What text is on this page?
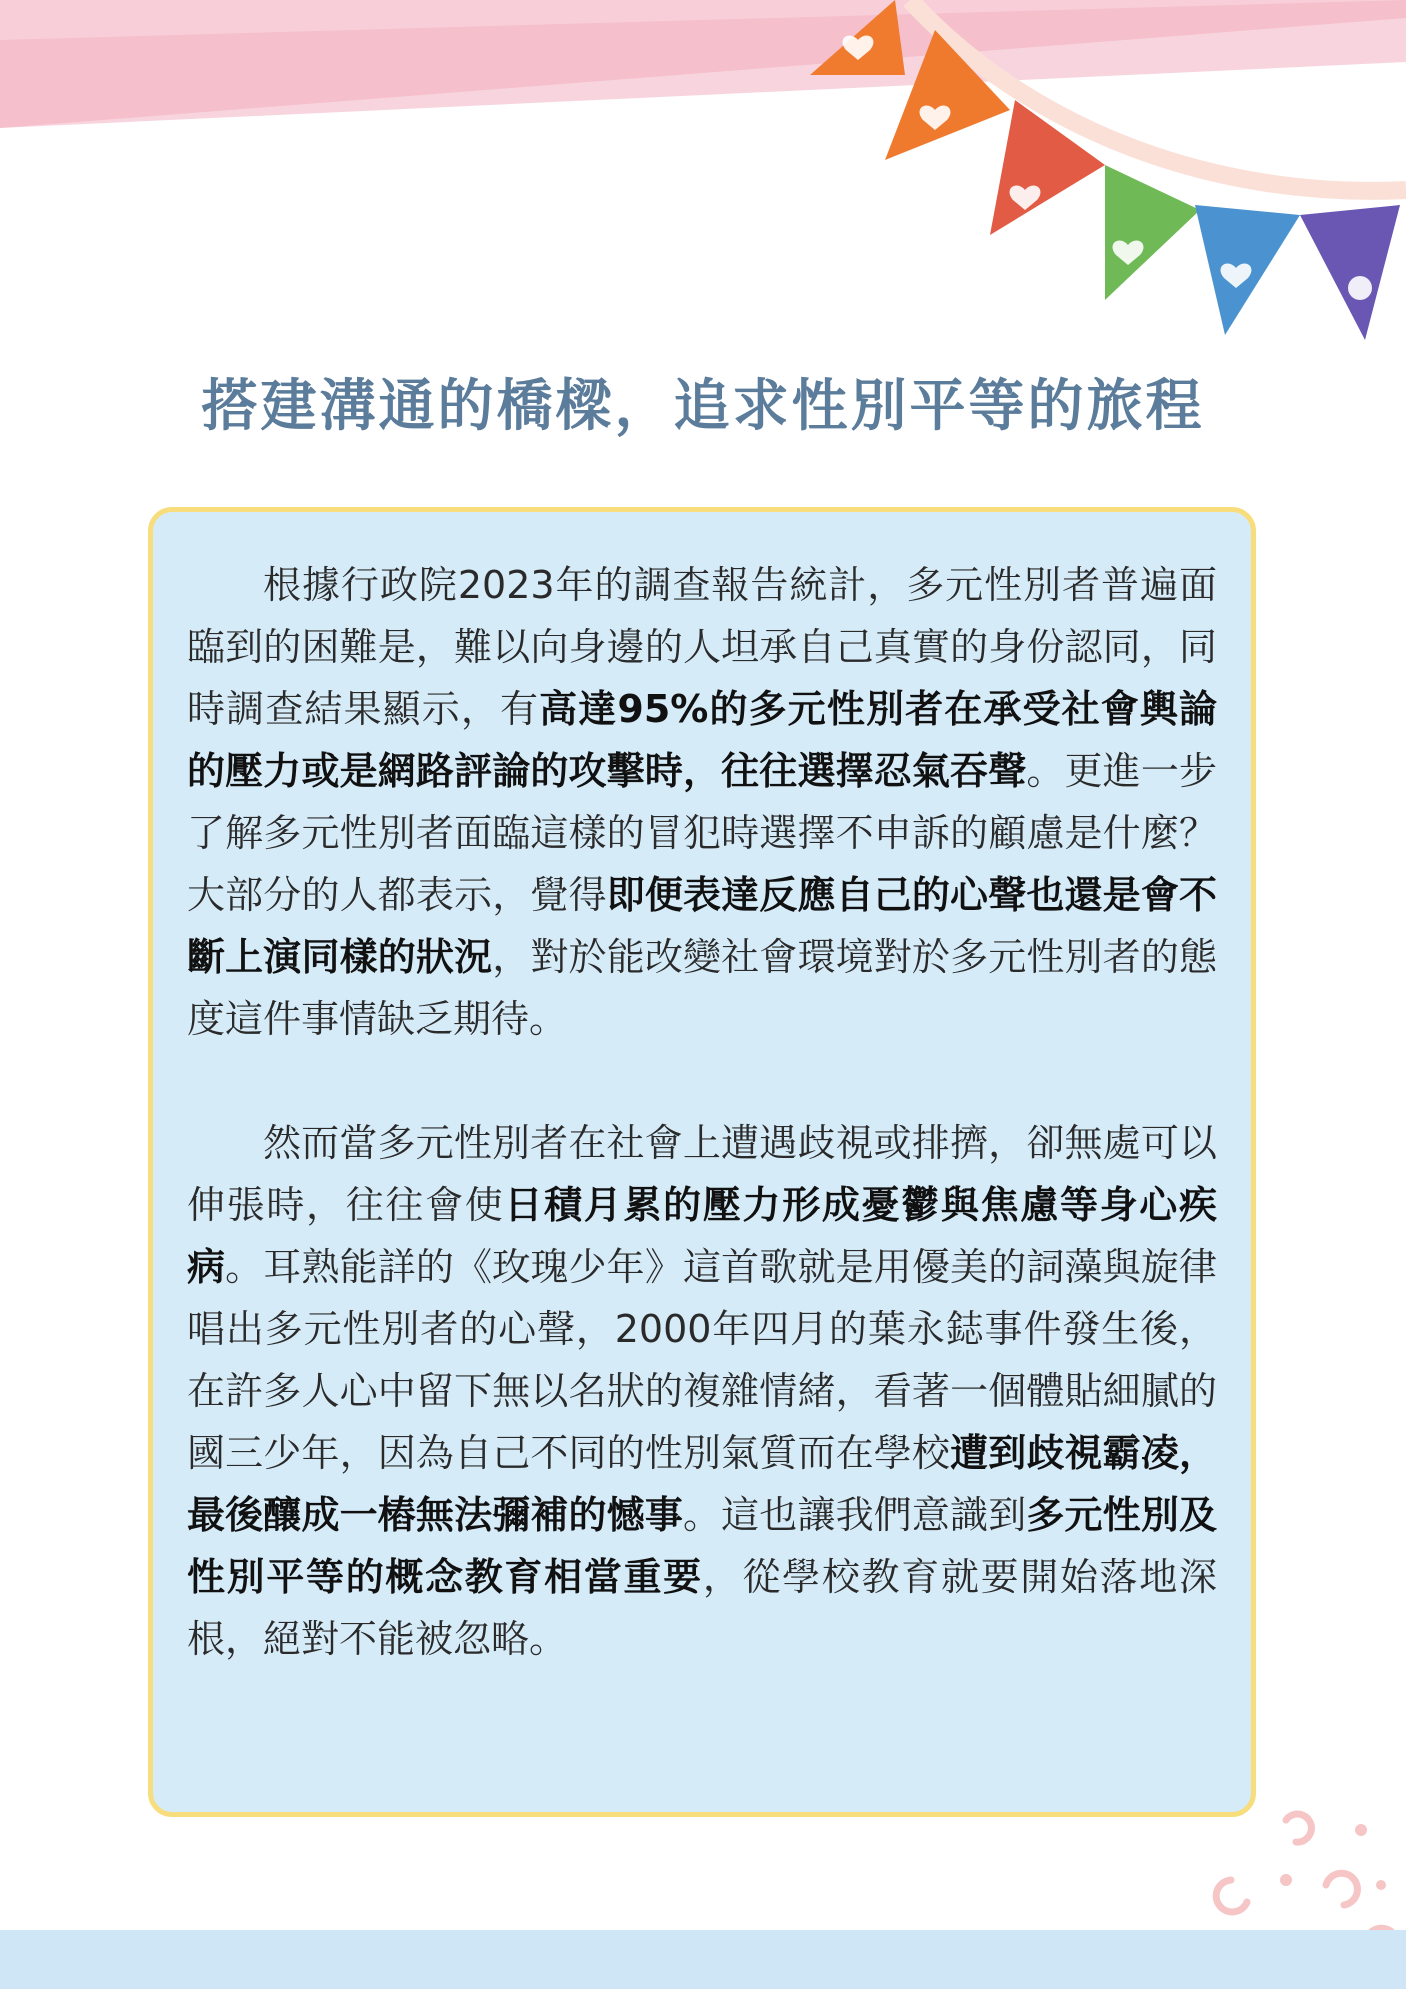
搭建溝通的橋樑，追求性別平等的旅程

根據行政院2023年的調查報告統計，多元性別者普遍面臨到的困難是，難以向身邊的人坦承自己真實的身份認同，同時調查結果顯示，有高達95%的多元性別者在承受社會輿論的壓力或是網路評論的攻擊時，往往選擇忍氣吞聲。更進一步了解多元性別者面臨這樣的冒犯時選擇不申訴的顧慮是什麼？大部分的人都表示，覺得即便表達反應自己的心聲也還是會不斷上演同樣的狀況，對於能改變社會環境對於多元性別者的態度這件事情缺乏期待。

然而當多元性別者在社會上遭遇歧視或排擠，卻無處可以伸張時，往往會使日積月累的壓力形成憂鬱與焦慮等身心疾病。耳熟能詳的《玫瑰少年》這首歌就是用優美的詞藻與旋律唱出多元性別者的心聲，2000年四月的葉永鋕事件發生後，在許多人心中留下無以名狀的複雜情緒，看著一個體貼細膩的國三少年，因為自己不同的性別氣質而在學校遭到歧視霸凌，最後釀成一樁無法彌補的憾事。這也讓我們意識到多元性別及性別平等的概念教育相當重要，從學校教育就要開始落地深根，絕對不能被忽略。
